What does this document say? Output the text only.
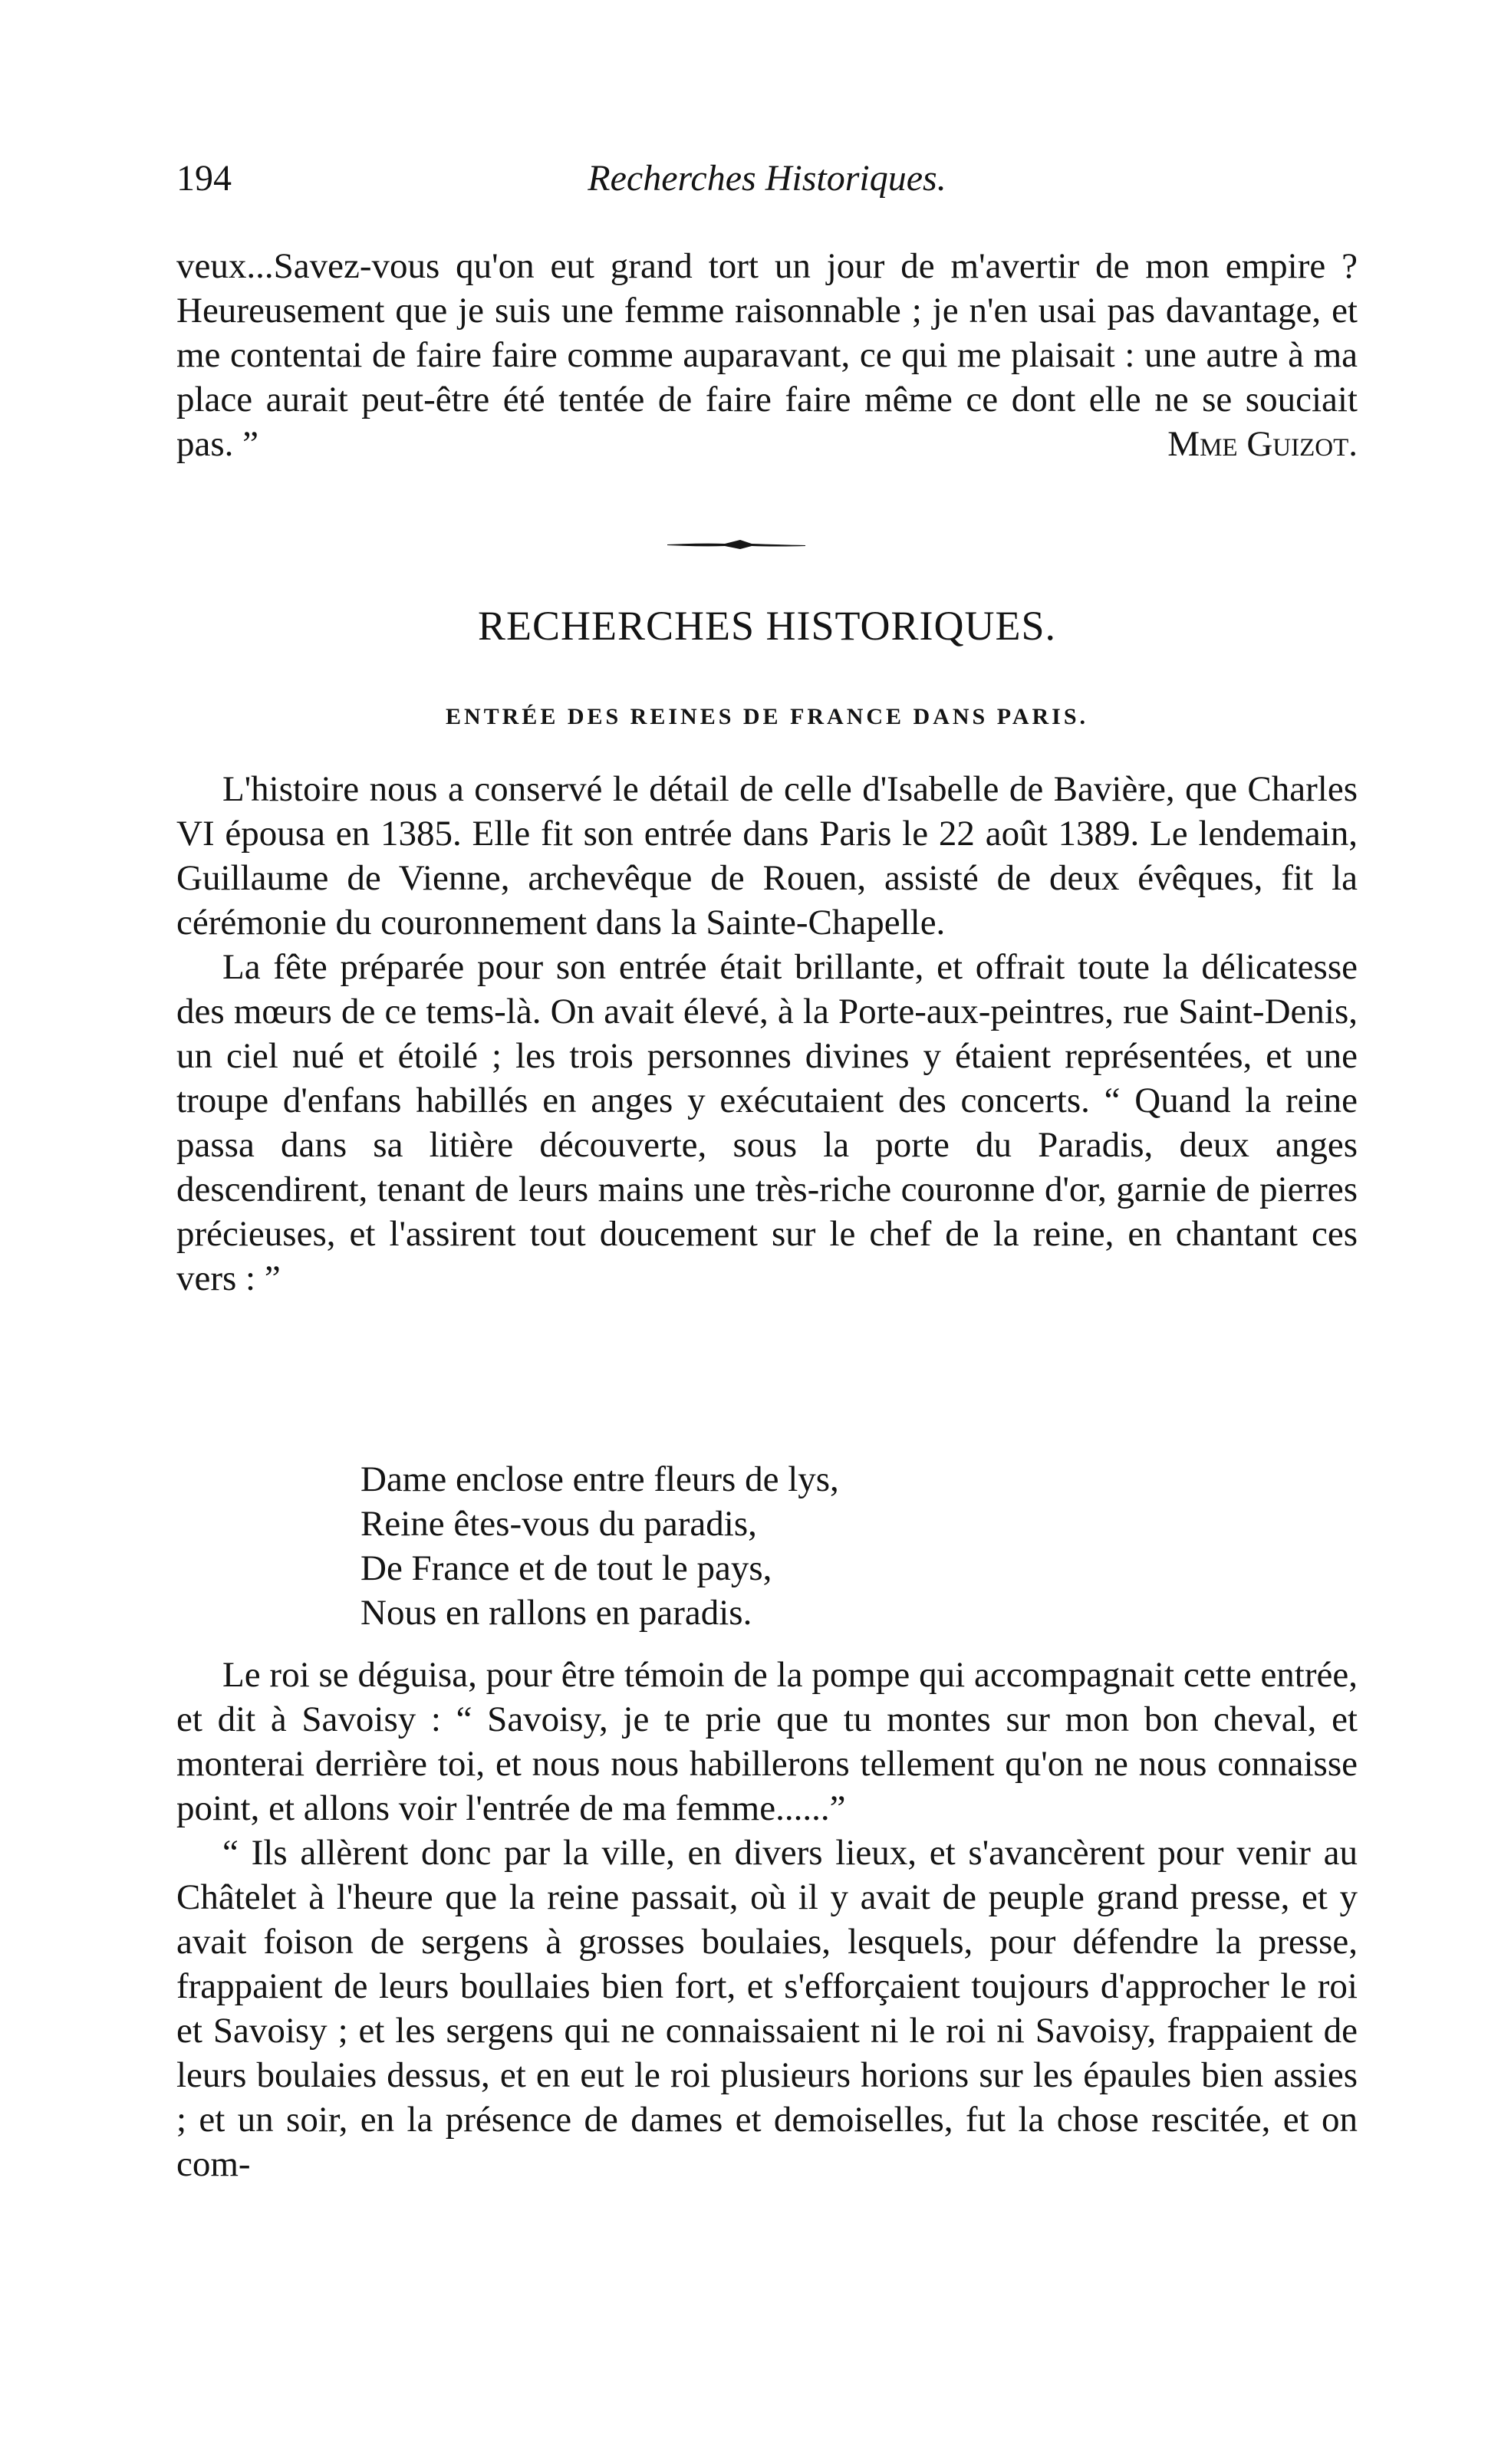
194	Recherches Historiques.

veux...Savez-vous qu'on eut grand tort un jour de m'avertir de mon empire ? Heureusement que je suis une femme raisonnable ; je n'en usai pas davantage, et me contentai de faire faire comme auparavant, ce qui me plaisait : une autre à ma place aurait peut-être été tentée de faire faire même ce dont elle ne se souciait pas. ”	Mme Guizot.

RECHERCHES HISTORIQUES.
ENTRÉE DES REINES DE FRANCE DANS PARIS.

L'histoire nous a conservé le détail de celle d'Isabelle de Bavière, que Charles VI épousa en 1385. Elle fit son entrée dans Paris le 22 août 1389. Le lendemain, Guillaume de Vienne, archevêque de Rouen, assisté de deux évêques, fit la cérémonie du couronnement dans la Sainte-Chapelle.

La fête préparée pour son entrée était brillante, et offrait toute la délicatesse des mœurs de ce tems-là. On avait élevé, à la Porte-aux-peintres, rue Saint-Denis, un ciel nué et étoilé ; les trois personnes divines y étaient représentées, et une troupe d'enfans habillés en anges y exécutaient des concerts. “ Quand la reine passa dans sa litière découverte, sous la porte du Paradis, deux anges descendirent, tenant de leurs mains une très-riche couronne d'or, garnie de pierres précieuses, et l'assirent tout doucement sur le chef de la reine, en chantant ces vers : ”

Dame enclose entre fleurs de lys,
Reine êtes-vous du paradis,
De France et de tout le pays,
Nous en rallons en paradis.

Le roi se déguisa, pour être témoin de la pompe qui accompagnait cette entrée, et dit à Savoisy : “ Savoisy, je te prie que tu montes sur mon bon cheval, et monterai derrière toi, et nous nous habillerons tellement qu'on ne nous connaisse point, et allons voir l'entrée de ma femme......”

“ Ils allèrent donc par la ville, en divers lieux, et s'avancèrent pour venir au Châtelet à l'heure que la reine passait, où il y avait de peuple grand presse, et y avait foison de sergens à grosses boulaies, lesquels, pour défendre la presse, frappaient de leurs boullaies bien fort, et s'efforçaient toujours d'approcher le roi et Savoisy ; et les sergens qui ne connaissaient ni le roi ni Savoisy, frappaient de leurs boulaies dessus, et en eut le roi plusieurs horions sur les épaules bien assies ; et un soir, en la présence de dames et demoiselles, fut la chose rescitée, et on com-
